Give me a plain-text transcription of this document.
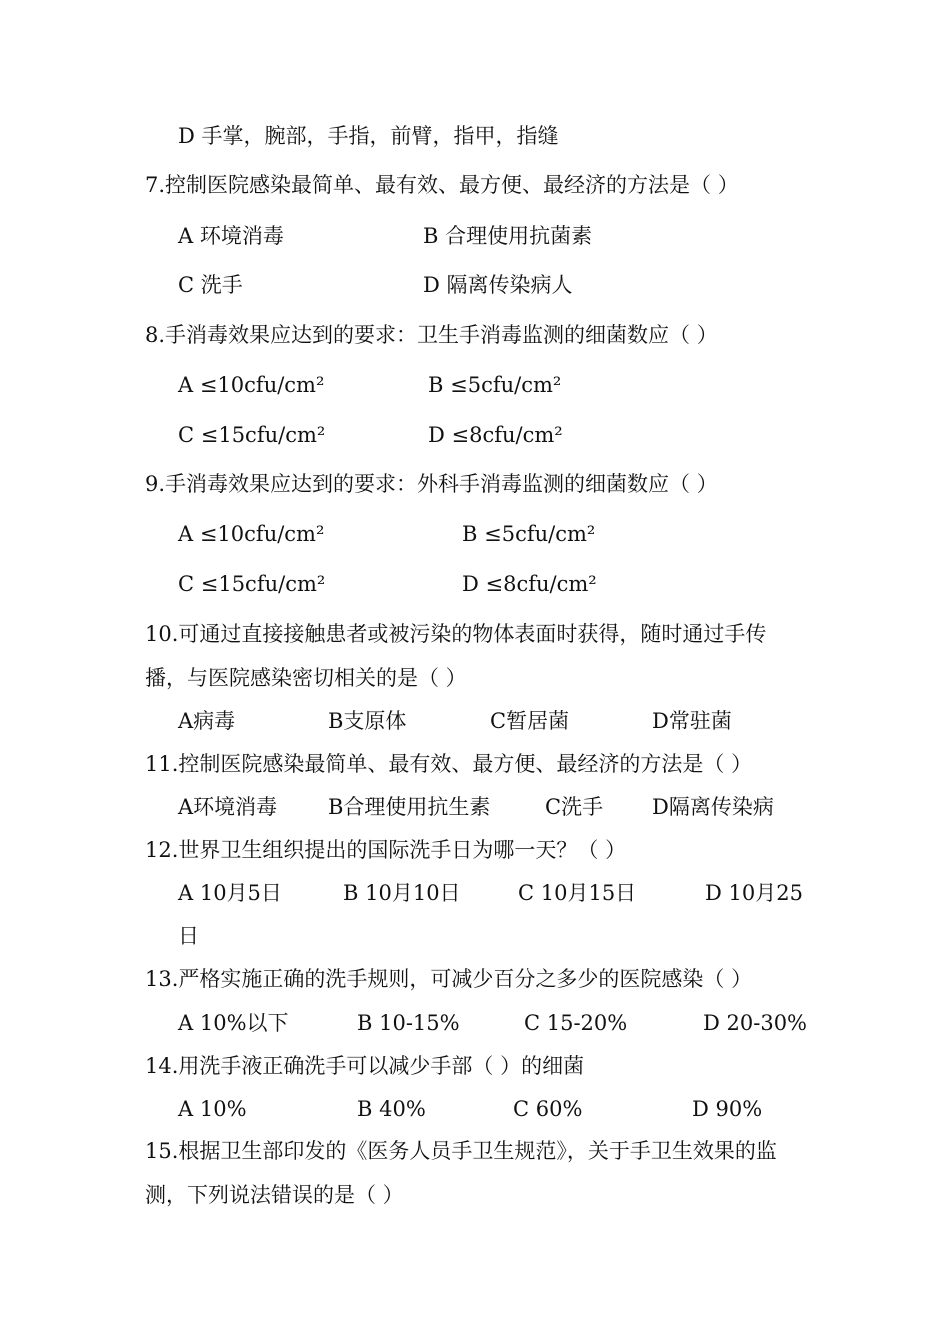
D 手掌，腕部，手指，前臂，指甲，指缝
7.控制医院感染最简单、最有效、最方便、最经济的方法是（ ）
A 环境消毒	B 合理使用抗菌素
C 洗手	D 隔离传染病人
8.手消毒效果应达到的要求：卫生手消毒监测的细菌数应（ ）
A ≤10cfu/cm²	B ≤5cfu/cm²
C ≤15cfu/cm²	D ≤8cfu/cm²
9.手消毒效果应达到的要求：外科手消毒监测的细菌数应（ ）
A ≤10cfu/cm²	B ≤5cfu/cm²
C ≤15cfu/cm²	D ≤8cfu/cm²
10.可通过直接接触患者或被污染的物体表面时获得，随时通过手传
播，与医院感染密切相关的是（ ）
A病毒	B支原体	C暂居菌	D常驻菌
11.控制医院感染最简单、最有效、最方便、最经济的方法是（ ）
A环境消毒 B合理使用抗生素	C洗手 D隔离传染病
12.世界卫生组织提出的国际洗手日为哪一天？（ ）
A 10月5日	B 10月10日	C 10月15日	D 10月25
日
13.严格实施正确的洗手规则，可减少百分之多少的医院感染（ ）
A 10%以下	B 10-15%	C 15-20%	D 20-30%
14.用洗手液正确洗手可以减少手部（ ）的细菌
A 10%	B 40%	C 60%	D 90%
15.根据卫生部印发的《医务人员手卫生规范》，关于手卫生效果的监
测，下列说法错误的是（ ）
